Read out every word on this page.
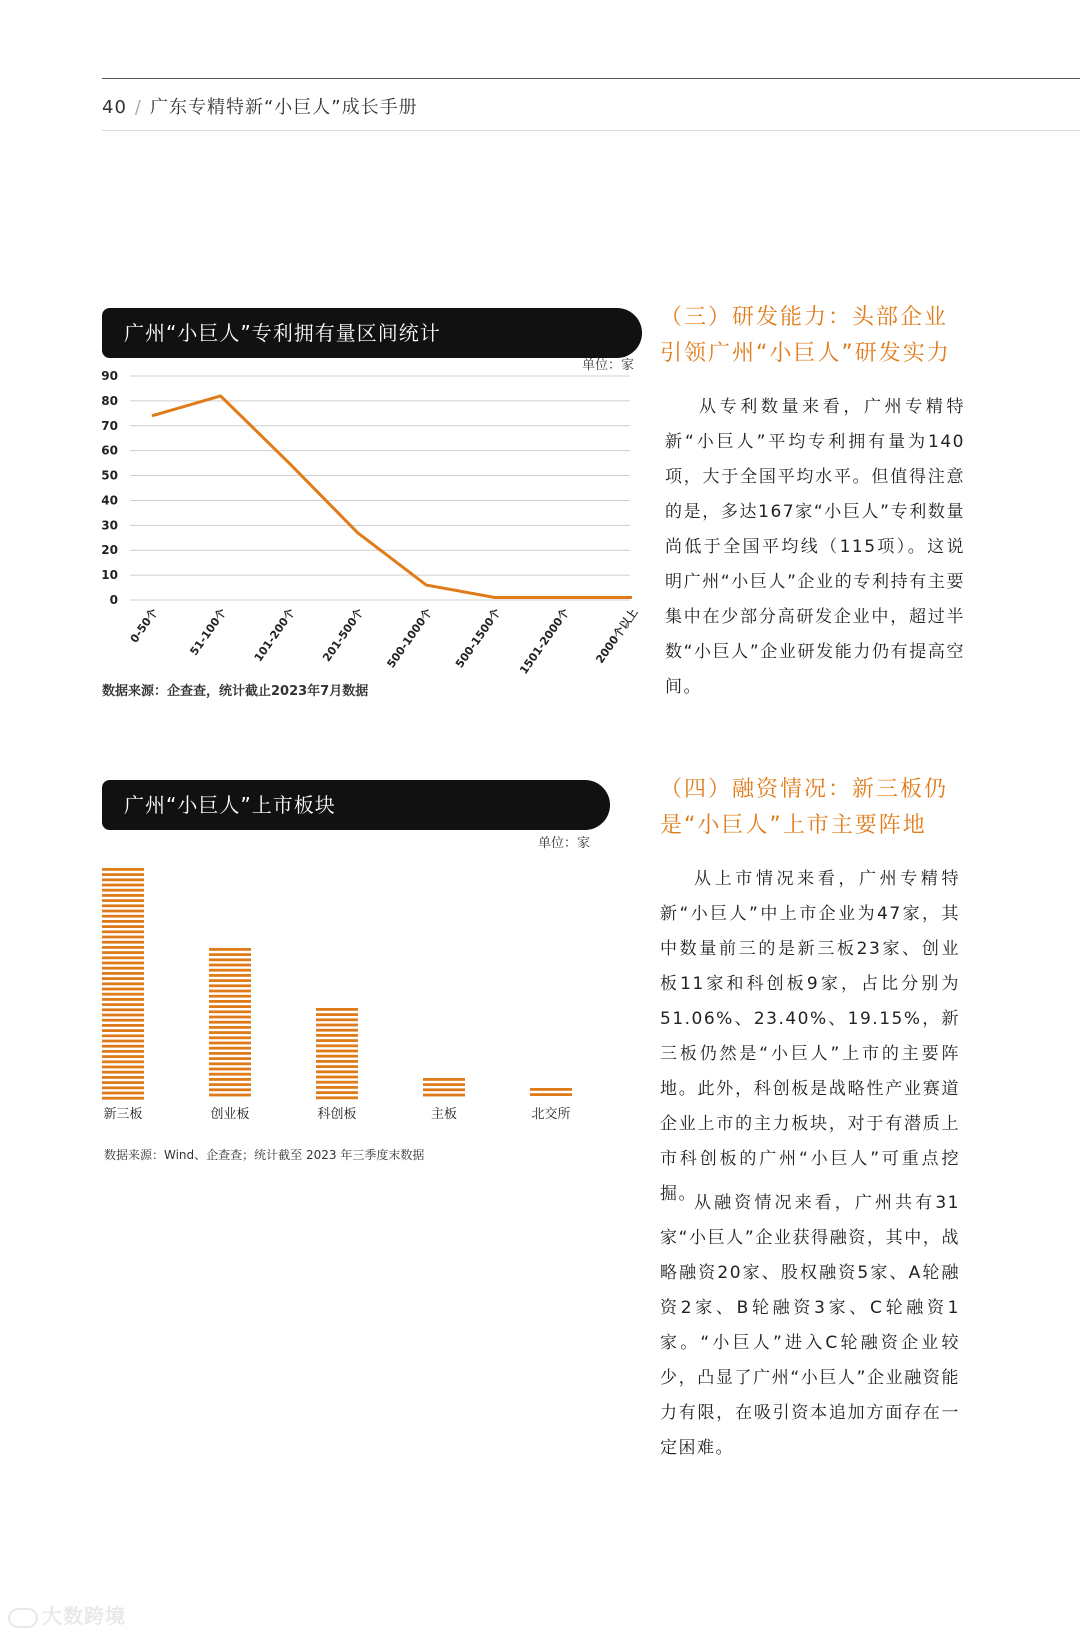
40 / 广东专精特新“小巨人”成长手册
广州“小巨人”专利拥有量区间统计
单位：家
90
80
70
60
50
40
30
20
10
0
0-50个 51-100个 101-200个 201-500个 500-1000个 500-1500个 1501-2000个 2000个以上
数据来源：企查查，统计截止2023年7月数据
（三）研发能力：头部企业引领广州“小巨人”研发实力
从专利数量来看，广州专精特新“小巨人”平均专利拥有量为140项，大于全国平均水平。但值得注意的是，多达167家“小巨人”专利数量尚低于全国平均线（115项）。这说明广州“小巨人”企业的专利持有主要集中在少部分高研发企业中，超过半数“小巨人”企业研发能力仍有提高空间。
广州“小巨人”上市板块
单位：家
新三板	创业板	科创板	主板	北交所
数据来源：Wind、企查查；统计截至 2023 年三季度末数据
（四）融资情况：新三板仍是“小巨人”上市主要阵地
从上市情况来看，广州专精特新“小巨人”中上市企业为47家，其中数量前三的是新三板23家、创业板11家和科创板9家，占比分别为51.06%、23.40%、19.15%，新三板仍然是“小巨人”上市的主要阵地。此外，科创板是战略性产业赛道企业上市的主力板块，对于有潜质上市科创板的广州“小巨人”可重点挖掘。
从融资情况来看，广州共有31家“小巨人”企业获得融资，其中，战略融资20家、股权融资5家、A轮融资2家、B轮融资3家、C轮融资1家。“小巨人”进入C轮融资企业较少，凸显了广州“小巨人”企业融资能力有限，在吸引资本追加方面存在一定困难。
大数跨境
